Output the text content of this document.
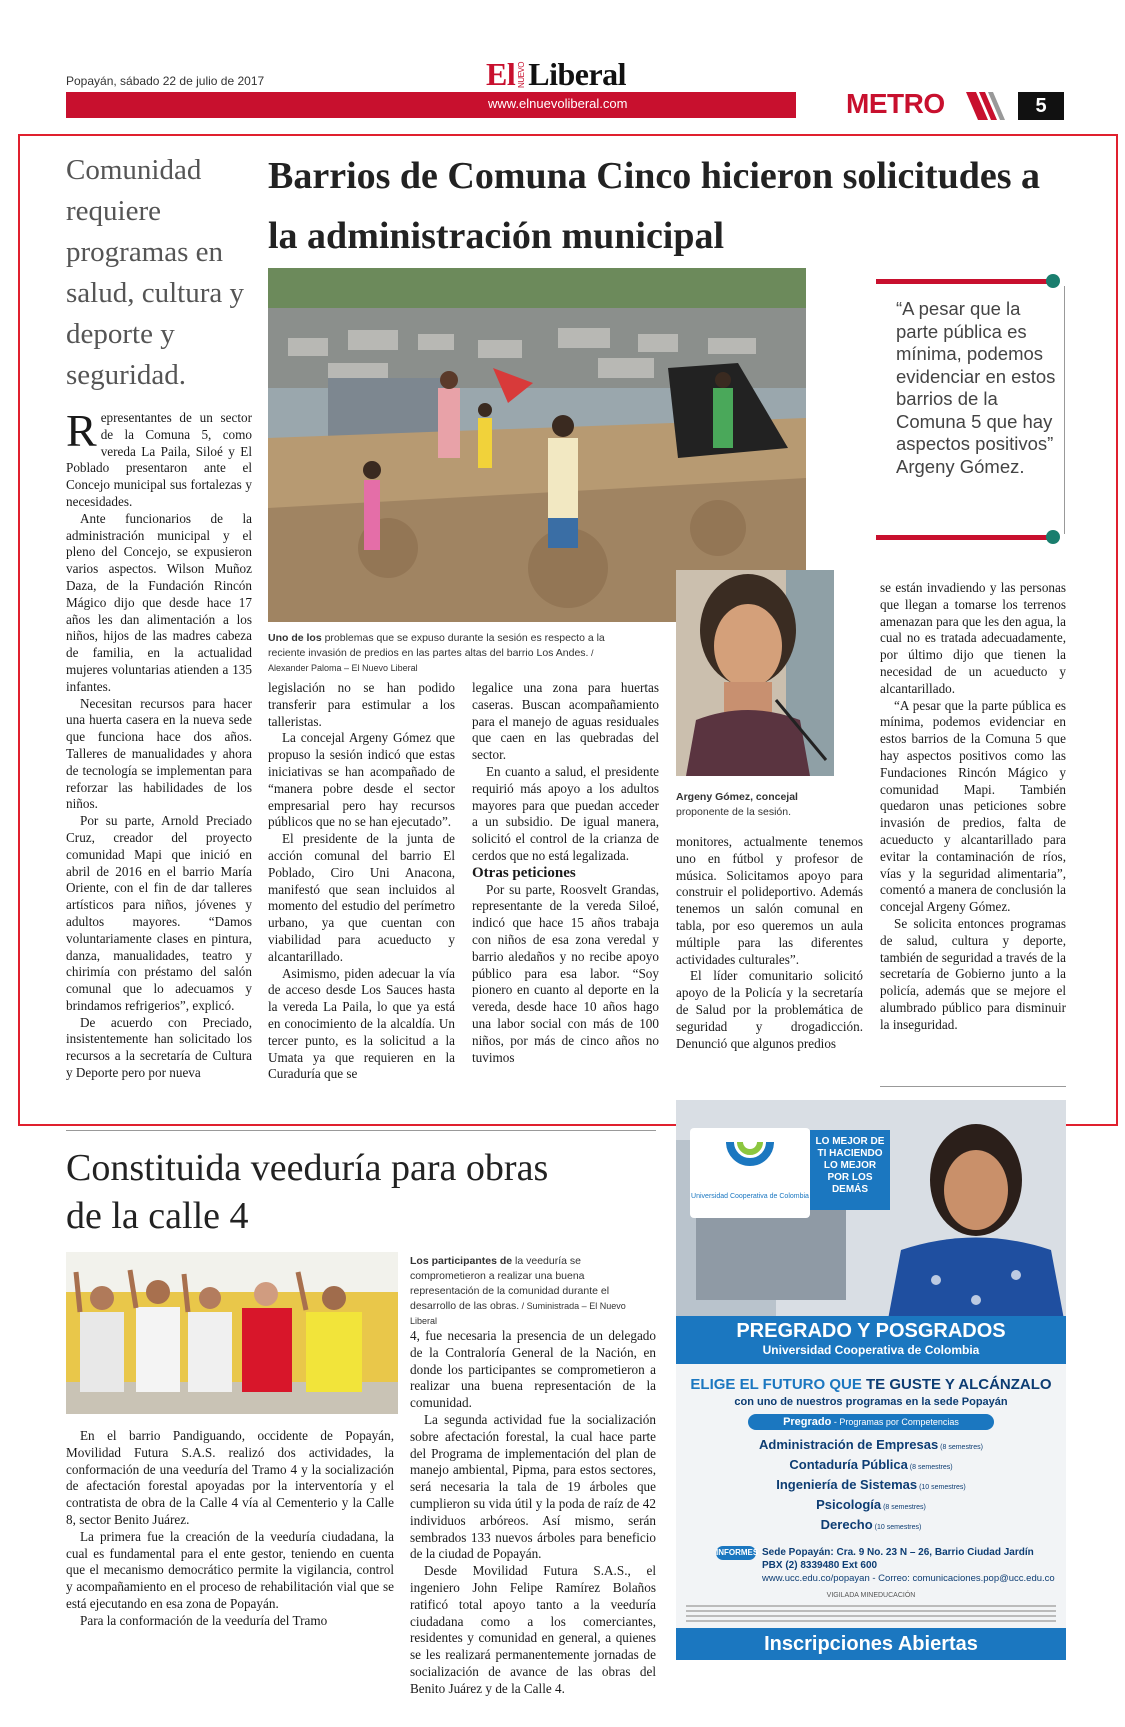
Popayán, sábado 22 de julio de 2017	El NUEVOLiberal
www.elnuevoliberal.com	METRO	5
Comunidad requiere programas en salud, cultura y deporte y seguridad.
Barrios de Comuna Cinco hicieron solicitudes a la administración municipal
Uno de los problemas que se expuso durante la sesión es respecto a la reciente invasión de predios en las partes altas del barrio Los Andes. / Alexander Paloma – El Nuevo Liberal
Argeny Gómez, concejal proponente de la sesión.
“A pesar que la parte pública es mínima, podemos evidenciar en estos barrios de la Comuna 5 que hay aspectos positivos” Argeny Gómez.

Representantes de un sector de la Comuna 5, como vereda La Paila, Siloé y El Poblado presentaron ante el Concejo municipal sus fortalezas y necesidades.

Ante funcionarios de la administración municipal y el pleno del Concejo, se expusieron varios aspectos. Wilson Muñoz Daza, de la Fundación Rincón Mágico dijo que desde hace 17 años les dan alimentación a los niños, hijos de las madres cabeza de familia, en la actualidad mujeres voluntarias atienden a 135 infantes.

Necesitan recursos para hacer una huerta casera en la nueva sede que funciona hace dos años. Talleres de manualidades y ahora de tecnología se implementan para reforzar las habilidades de los niños.

Por su parte, Arnold Preciado Cruz, creador del proyecto comunidad Mapi que inició en abril de 2016 en el barrio María Oriente, con el fin de dar talleres artísticos para niños, jóvenes y adultos mayores. “Damos voluntariamente clases en pintura, danza, manualidades, teatro y chirimía con préstamo del salón comunal que lo adecuamos y brindamos refrigerios”, explicó.

De acuerdo con Preciado, insistentemente han solicitado los recursos a la secretaría de Cultura y Deporte pero por nueva

legislación no se han podido transferir para estimular a los talleristas.

La concejal Argeny Gómez que propuso la sesión indicó que estas iniciativas se han acompañado de “manera pobre desde el sector empresarial pero hay recursos públicos que no se han ejecutado”.

El presidente de la junta de acción comunal del barrio El Poblado, Ciro Uni Anacona, manifestó que sean incluidos al momento del estudio del perímetro urbano, ya que cuentan con viabilidad para acueducto y alcantarillado.

Asimismo, piden adecuar la vía de acceso desde Los Sauces hasta la vereda La Paila, lo que ya está en conocimiento de la alcaldía. Un tercer punto, es la solicitud a la Umata ya que requieren en la Curaduría que se

legalice una zona para huertas caseras. Buscan acompañamiento para el manejo de aguas residuales que caen en las quebradas del sector.

En cuanto a salud, el presidente requirió más apoyo a los adultos mayores para que puedan acceder a un subsidio. De igual manera, solicitó el control de la crianza de cerdos que no está legalizada.

Otras peticiones

Por su parte, Roosvelt Grandas, representante de la vereda Siloé, indicó que hace 15 años trabaja con niños de esa zona veredal y barrio aledaños y no recibe apoyo público para esa labor. “Soy pionero en cuanto al deporte en la vereda, desde hace 10 años hago una labor social con más de 100 niños, por más de cinco años no tuvimos

monitores, actualmente tenemos uno en fútbol y profesor de música. Solicitamos apoyo para construir el polideportivo. Además tenemos un salón comunal en tabla, por eso queremos un aula múltiple para las diferentes actividades culturales”.

El líder comunitario solicitó apoyo de la Policía y la secretaría de Salud por la problemática de seguridad y drogadicción. Denunció que algunos predios

se están invadiendo y las personas que llegan a tomarse los terrenos amenazan para que les den agua, la cual no es tratada adecuadamente, por último dijo que tienen la necesidad de un acueducto y alcantarillado.

“A pesar que la parte pública es mínima, podemos evidenciar en estos barrios de la Comuna 5 que hay aspectos positivos como las Fundaciones Rincón Mágico y comunidad Mapi. También quedaron unas peticiones sobre invasión de predios, falta de acueducto y alcantarillado para evitar la contaminación de ríos, vías y la seguridad alimentaria”, comentó a manera de conclusión la concejal Argeny Gómez.

Se solicita entonces programas de salud, cultura y deporte, también de seguridad a través de la secretaría de Gobierno junto a la policía, además que se mejore el alumbrado público para disminuir la inseguridad.

Constituida veeduría para obras de la calle 4
Los participantes de la veeduría se comprometieron a realizar una buena representación de la comunidad durante el desarrollo de las obras. / Suministrada – El Nuevo Liberal

En el barrio Pandiguando, occidente de Popayán, Movilidad Futura S.A.S. realizó dos actividades, la conformación de una veeduría del Tramo 4 y la socialización de afectación forestal apoyadas por la interventoría y el contratista de obra de la Calle 4 vía al Cementerio y la Calle 8, sector Benito Juárez.

La primera fue la creación de la veeduría ciudadana, la cual es fundamental para el ente gestor, teniendo en cuenta que el mecanismo democrático permite la vigilancia, control y acompañamiento en el proceso de rehabilitación vial que se está ejecutando en esa zona de Popayán.

Para la conformación de la veeduría del Tramo

4, fue necesaria la presencia de un delegado de la Contraloría General de la Nación, en donde los participantes se comprometieron a realizar una buena representación de la comunidad.

La segunda actividad fue la socialización sobre afectación forestal, la cual hace parte del Programa de implementación del plan de manejo ambiental, Pipma, para estos sectores, será necesaria la tala de 19 árboles que cumplieron su vida útil y la poda de raíz de 42 individuos arbóreos. Así mismo, serán sembrados 133 nuevos árboles para beneficio de la ciudad de Popayán.

Desde Movilidad Futura S.A.S., el ingeniero John Felipe Ramírez Bolaños ratificó total apoyo tanto a la veeduría ciudadana como a los comerciantes, residentes y comunidad en general, a quienes se les realizará permanentemente jornadas de socialización de avance de las obras del Benito Juárez y de la Calle 4.

Universidad Cooperativa de Colombia
LO MEJOR DE TI HACIENDO LO MEJOR POR LOS DEMÁS
PREGRADO Y POSGRADOS
Universidad Cooperativa de Colombia
ELIGE EL FUTURO QUE TE GUSTE Y ALCÁNZALO
con uno de nuestros programas en la sede Popayán
Pregrado - Programas por Competencias
Administración de Empresas (8 semestres)
Contaduría Pública (8 semestres)
Ingeniería de Sistemas (10 semestres)
Psicología (8 semestres)
Derecho (10 semestres)
INFORMES Sede Popayán: Cra. 9 No. 23 N – 26, Barrio Ciudad Jardín
PBX (2) 8339480 Ext 600
www.ucc.edu.co/popayan - Correo: comunicaciones.pop@ucc.edu.co
VIGILADA MINEDUCACIÓN
Inscripciones Abiertas
